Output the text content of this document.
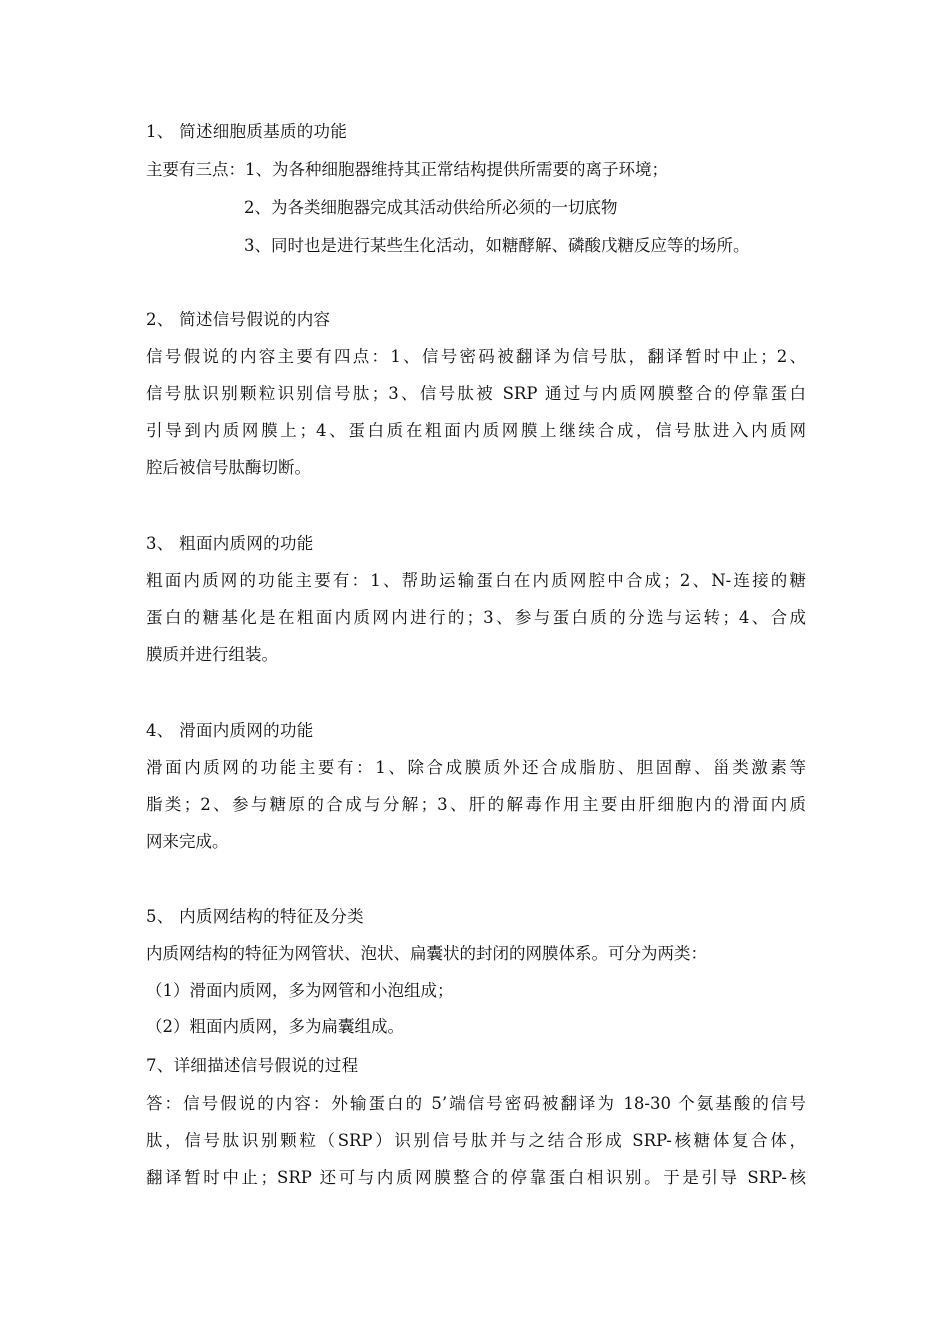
1、 简述细胞质基质的功能
主要有三点：1、为各种细胞器维持其正常结构提供所需要的离子环境；
2、为各类细胞器完成其活动供给所必须的一切底物
3、同时也是进行某些生化活动，如糖酵解、磷酸戊糖反应等的场所。
2、 简述信号假说的内容
信号假说的内容主要有四点：1、信号密码被翻译为信号肽，翻译暂时中止；2、
信号肽识别颗粒识别信号肽；3、信号肽被 SRP 通过与内质网膜整合的停靠蛋白
引导到内质网膜上；4、蛋白质在粗面内质网膜上继续合成，信号肽进入内质网
腔后被信号肽酶切断。
3、 粗面内质网的功能
粗面内质网的功能主要有：1、帮助运输蛋白在内质网腔中合成；2、N-连接的糖
蛋白的糖基化是在粗面内质网内进行的；3、参与蛋白质的分选与运转；4、合成
膜质并进行组装。
4、 滑面内质网的功能
滑面内质网的功能主要有：1、除合成膜质外还合成脂肪、胆固醇、甾类激素等
脂类；2、参与糖原的合成与分解；3、肝的解毒作用主要由肝细胞内的滑面内质
网来完成。
5、 内质网结构的特征及分类
内质网结构的特征为网管状、泡状、扁囊状的封闭的网膜体系。可分为两类：
（1）滑面内质网，多为网管和小泡组成；
（2）粗面内质网，多为扁囊组成。
7、详细描述信号假说的过程
答：信号假说的内容：外输蛋白的 5’端信号密码被翻译为 18-30 个氨基酸的信号
肽，信号肽识别颗粒（SRP）识别信号肽并与之结合形成 SRP-核糖体复合体，
翻译暂时中止；SRP 还可与内质网膜整合的停靠蛋白相识别。于是引导 SRP-核
